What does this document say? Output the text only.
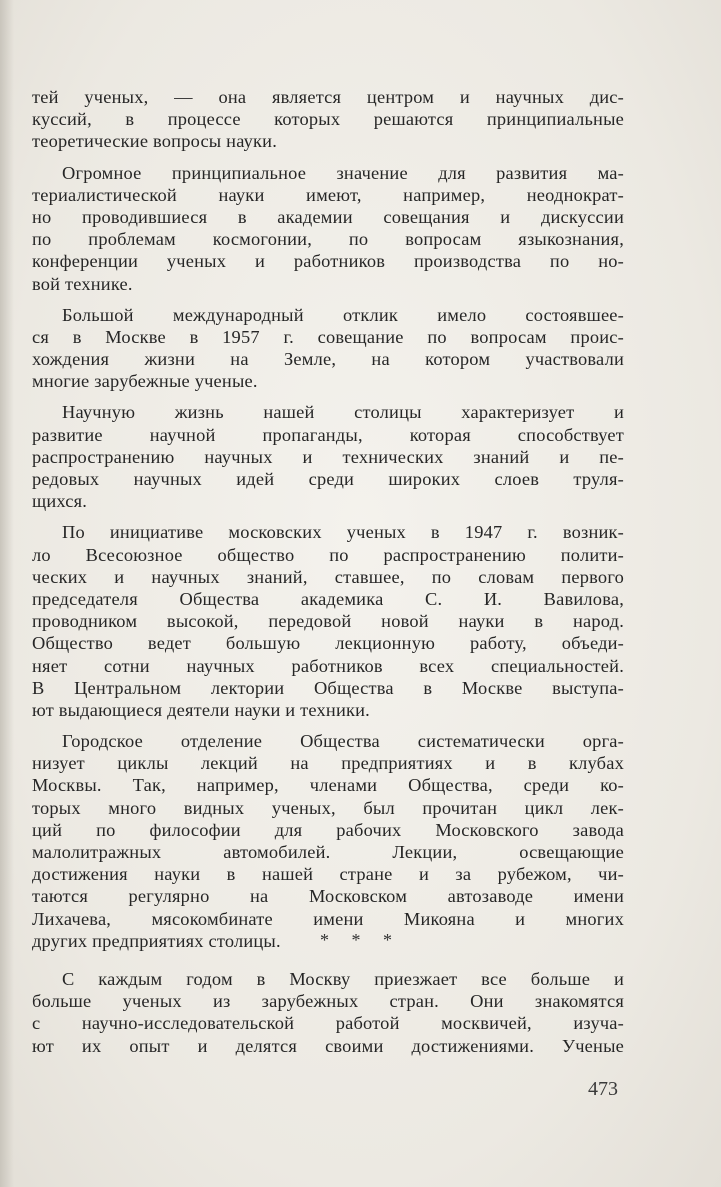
тей ученых, — она является центром и научных дис-
куссий, в процессе которых решаются принципиальные
теоретические вопросы науки.
Огромное принципиальное значение для развития ма-
териалистической науки имеют, например, неоднократ-
но проводившиеся в академии совещания и дискуссии
по проблемам космогонии, по вопросам языкознания,
конференции ученых и работников производства по но-
вой технике.
Большой международный отклик имело состоявшее-
ся в Москве в 1957 г. совещание по вопросам проис-
хождения жизни на Земле, на котором участвовали
многие зарубежные ученые.
Научную жизнь нашей столицы характеризует и
развитие научной пропаганды, которая способствует
распространению научных и технических знаний и пе-
редовых научных идей среди широких слоев труля-
щихся.
По инициативе московских ученых в 1947 г. возник-
ло Всесоюзное общество по распространению полити-
ческих и научных знаний, ставшее, по словам первого
председателя Общества академика С. И. Вавилова,
проводником высокой, передовой новой науки в народ.
Общество ведет большую лекционную работу, объеди-
няет сотни научных работников всех специальностей.
В Центральном лектории Общества в Москве выступа-
ют выдающиеся деятели науки и техники.
Городское отделение Общества систематически орга-
низует циклы лекций на предприятиях и в клубах
Москвы. Так, например, членами Общества, среди ко-
торых много видных ученых, был прочитан цикл лек-
ций по философии для рабочих Московского завода
малолитражных автомобилей. Лекции, освещающие
достижения науки в нашей стране и за рубежом, чи-
таются регулярно на Московском автозаводе имени
Лихачева, мясокомбинате имени Микояна и многих
других предприятиях столицы.	* * *
С каждым годом в Москву приезжает все больше и
больше ученых из зарубежных стран. Они знакомятся
с научно-исследовательской работой москвичей, изуча-
ют их опыт и делятся своими достижениями. Ученые
473
